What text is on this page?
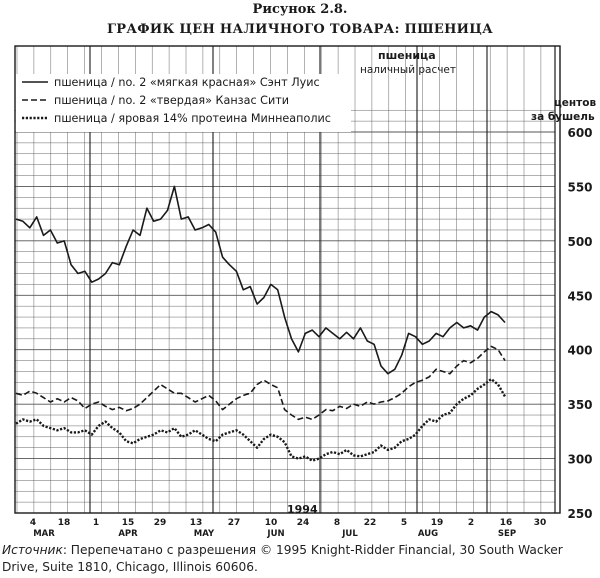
Рисунок 2.8.
ГРАФИК ЦЕН НАЛИЧНОГО ТОВАРА: ПШЕНИЦА
600
550
500
450
400
350
300
250
4 18	1	15 29	13	27	10 24	8	22	5	19	2	16 30
MAR	APR	MAY	JUN	JUL	AUG	SEP
пшеница
наличный расчет
центов
за бушель
1994
пшеница / no. 2 «мягкая красная» Сэнт Луис
пшеница / no. 2 «твердая» Канзас Сити
пшеница / яровая 14% протеина Миннеаполис
Источник: Перепечатано с разрешения © 1995 Knight-Ridder Financial, 30 South Wacker Drive, Suite 1810, Chicago, Illinois 60606.
